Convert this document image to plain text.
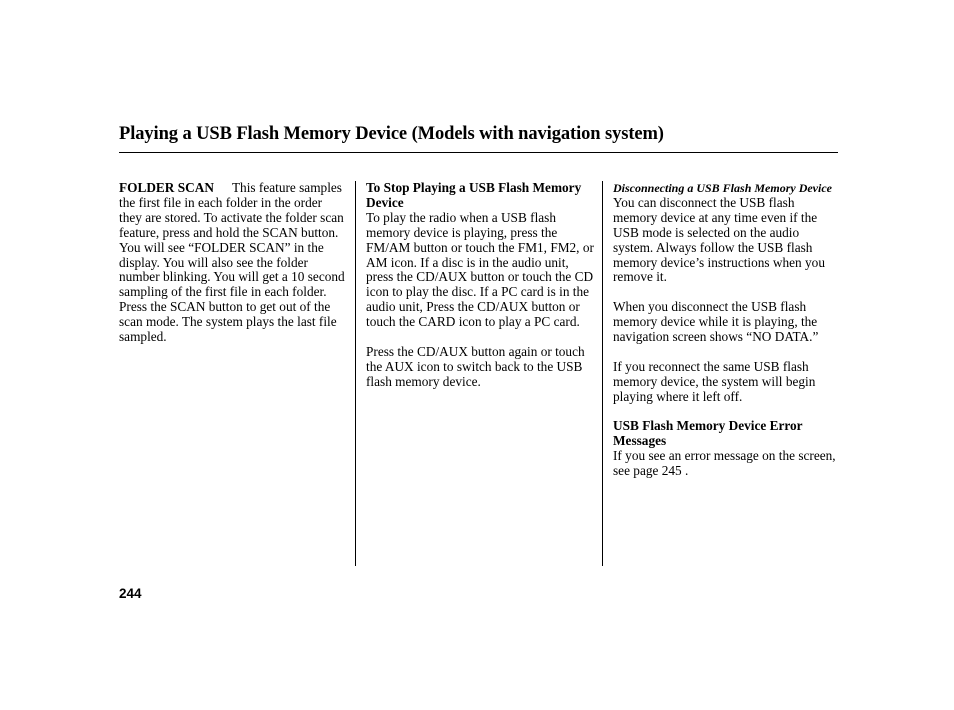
Playing a USB Flash Memory Device (Models with navigation system)

FOLDER SCAN This feature samples the first file in each folder in the order they are stored. To activate the folder scan feature, press and hold the SCAN button. You will see “FOLDER SCAN” in the display. You will also see the folder number blinking. You will get a 10 second sampling of the first file in each folder. Press the SCAN button to get out of the scan mode. The system plays the last file sampled.

To Stop Playing a USB Flash Memory Device

To play the radio when a USB flash memory device is playing, press the FM/AM button or touch the FM1, FM2, or AM icon. If a disc is in the audio unit, press the CD/AUX button or touch the CD icon to play the disc. If a PC card is in the audio unit, Press the CD/AUX button or touch the CARD icon to play a PC card.

Press the CD/AUX button again or touch the AUX icon to switch back to the USB flash memory device.

Disconnecting a USB Flash Memory Device

You can disconnect the USB flash memory device at any time even if the USB mode is selected on the audio system. Always follow the USB flash memory device’s instructions when you remove it.

When you disconnect the USB flash memory device while it is playing, the navigation screen shows “NO DATA.”

If you reconnect the same USB flash memory device, the system will begin playing where it left off.

USB Flash Memory Device Error Messages

If you see an error message on the screen, see page 245 .

244
